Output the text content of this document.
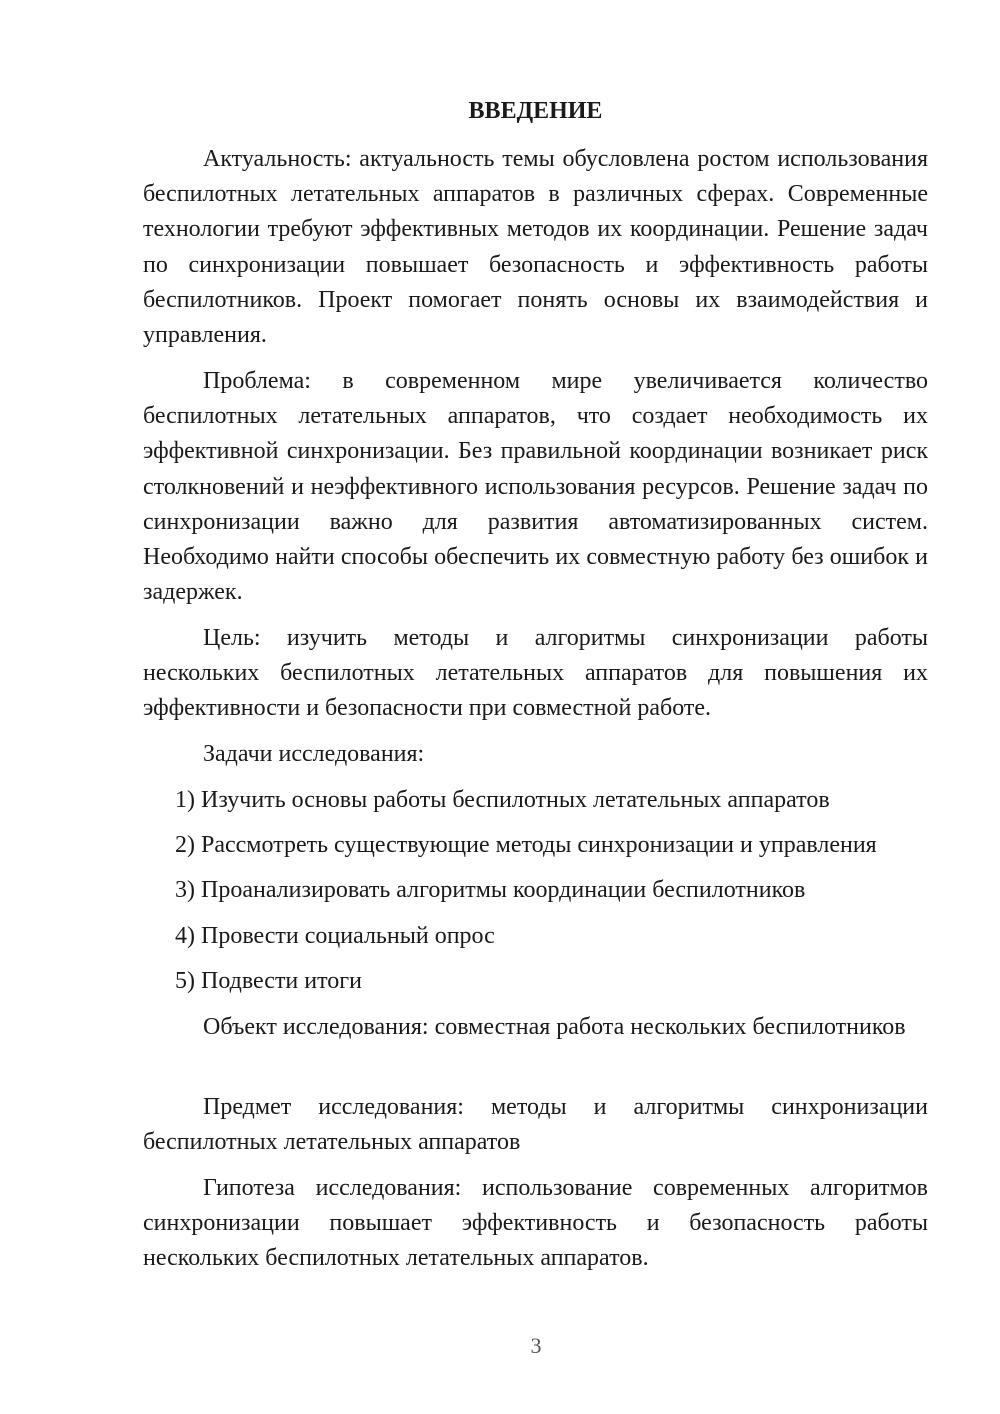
ВВЕДЕНИЕ

Актуальность: актуальность темы обусловлена ростом использования беспилотных летательных аппаратов в различных сферах. Современные технологии требуют эффективных методов их координации. Решение задач по синхронизации повышает безопасность и эффективность работы беспилотников. Проект помогает понять основы их взаимодействия и управления.

Проблема: в современном мире увеличивается количество беспилотных летательных аппаратов, что создает необходимость их эффективной синхронизации. Без правильной координации возникает риск столкновений и неэффективного использования ресурсов. Решение задач по синхронизации важно для развития автоматизированных систем. Необходимо найти способы обеспечить их совместную работу без ошибок и задержек.

Цель: изучить методы и алгоритмы синхронизации работы нескольких беспилотных летательных аппаратов для повышения их эффективности и безопасности при совместной работе.

Задачи исследования:

1) Изучить основы работы беспилотных летательных аппаратов

2) Рассмотреть существующие методы синхронизации и управления

3) Проанализировать алгоритмы координации беспилотников

4) Провести социальный опрос

5) Подвести итоги

Объект исследования: совместная работа нескольких беспилотников

Предмет исследования: методы и алгоритмы синхронизации беспилотных летательных аппаратов

Гипотеза исследования: использование современных алгоритмов синхронизации повышает эффективность и безопасность работы нескольких беспилотных летательных аппаратов.

3
